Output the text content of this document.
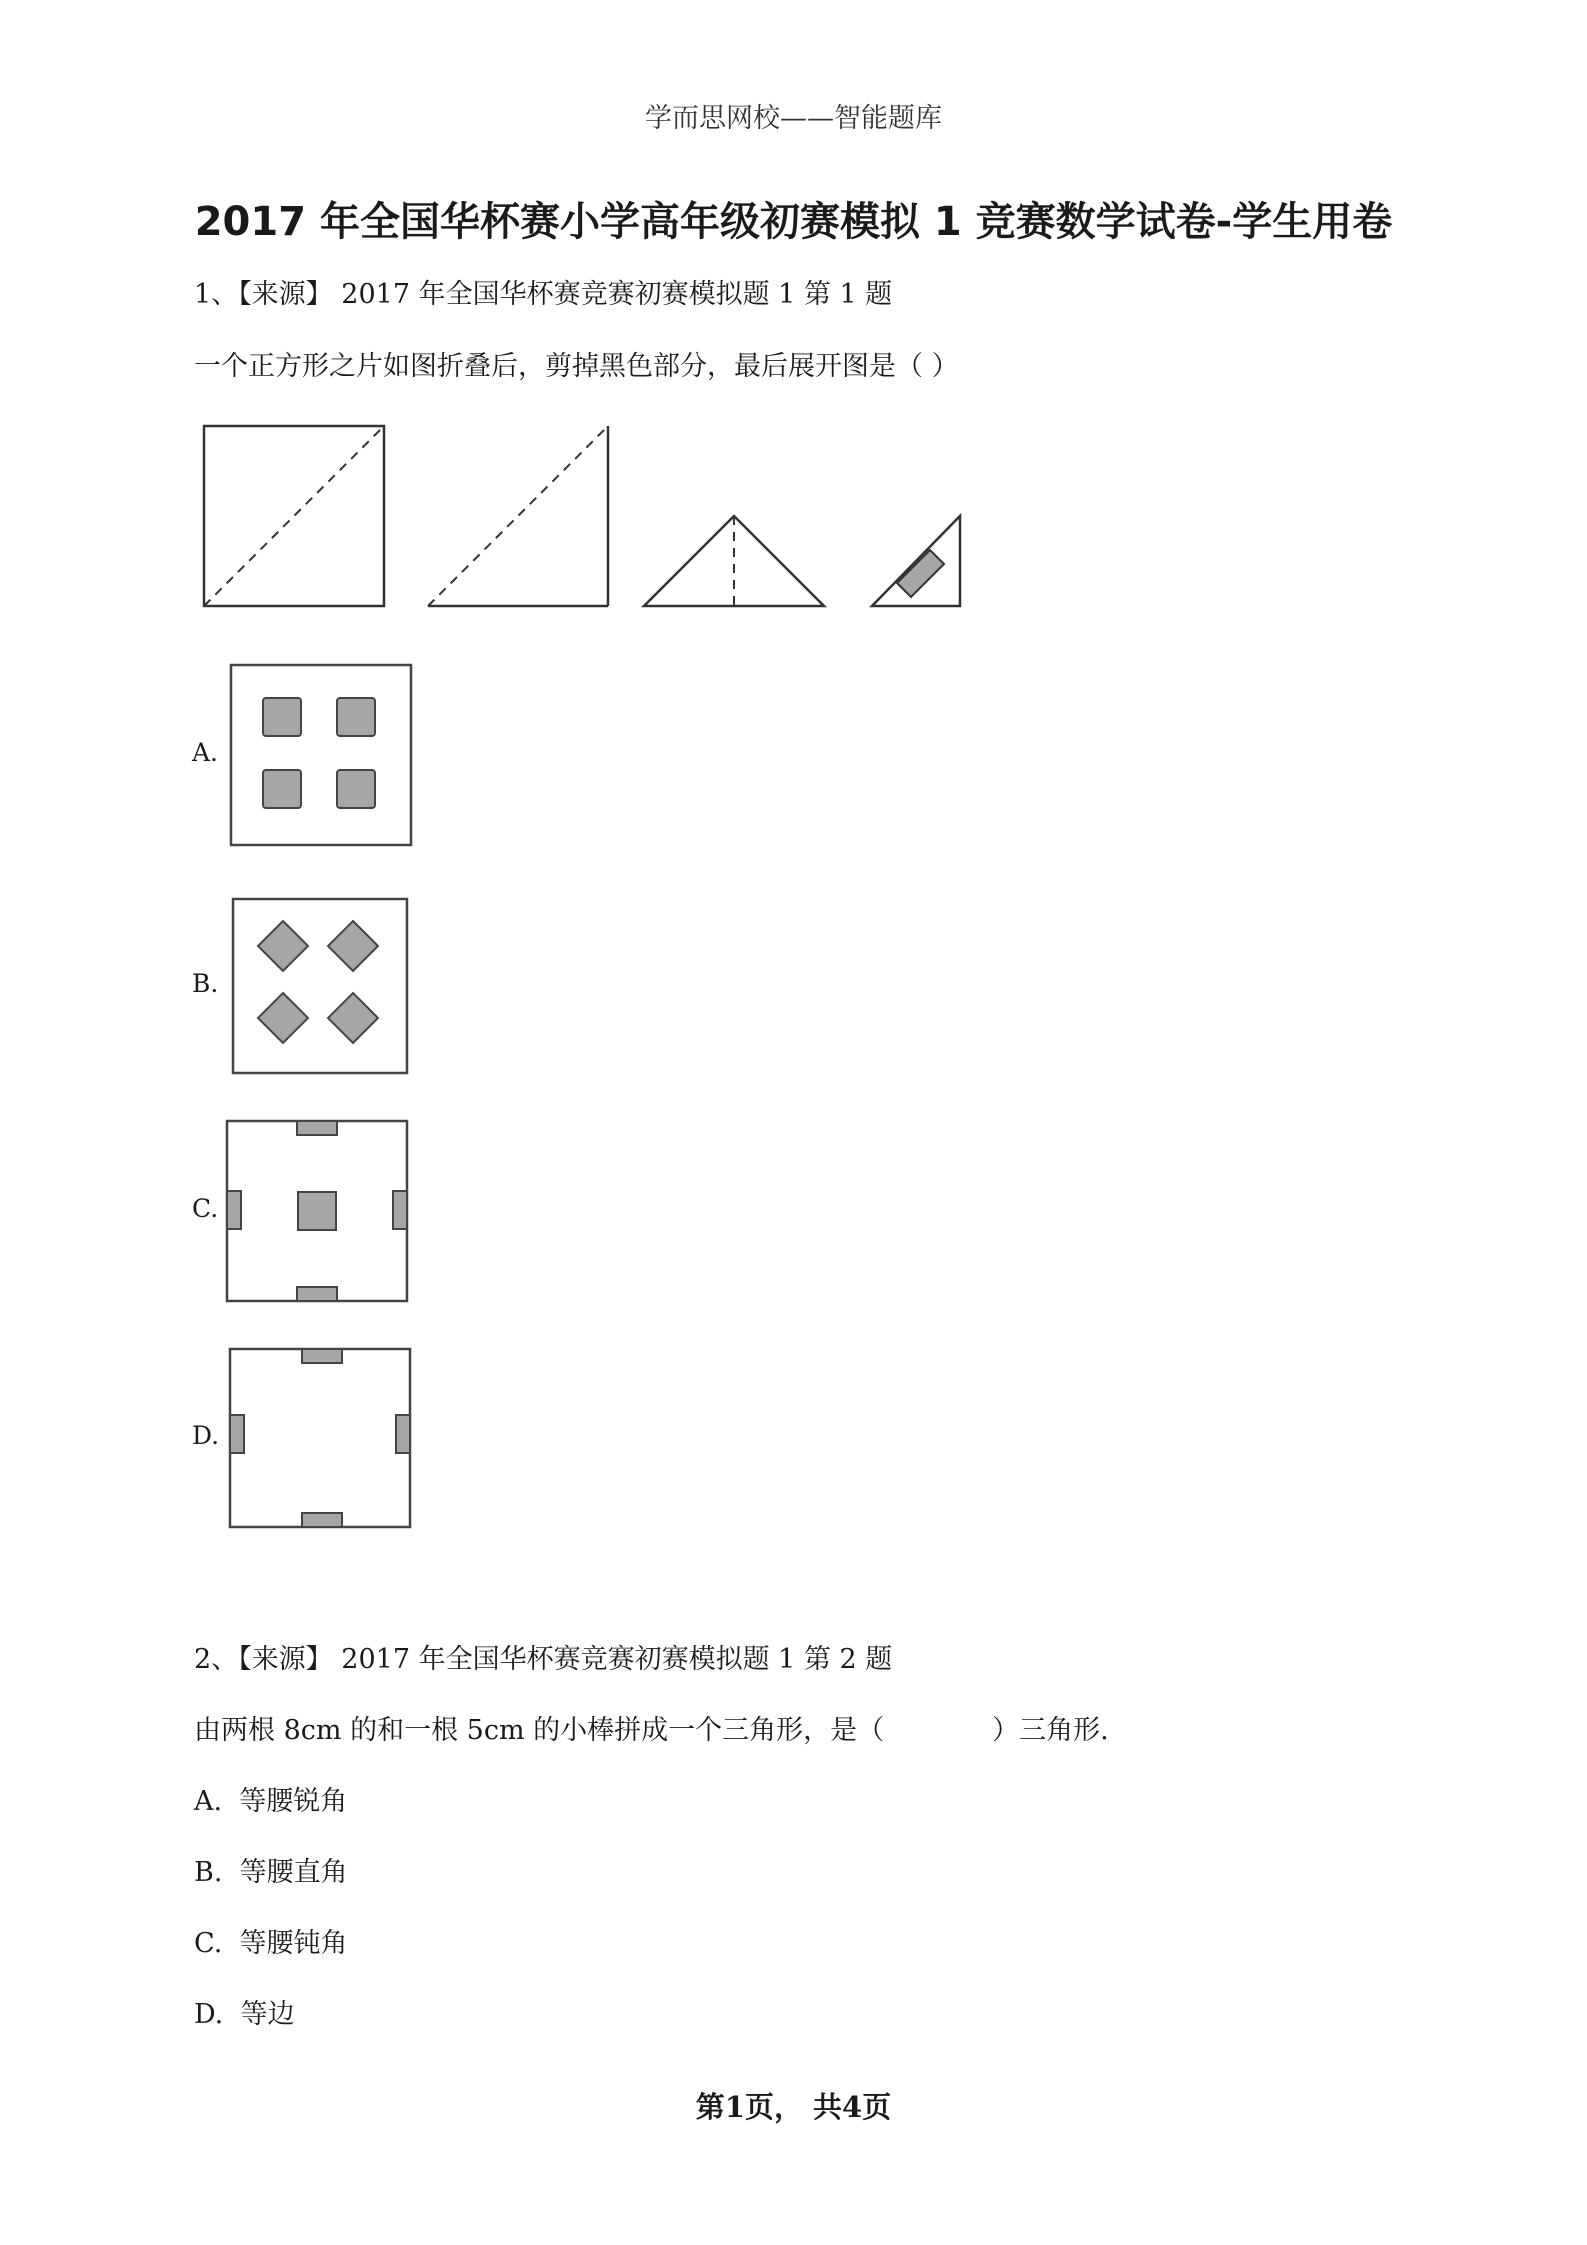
学而思网校——智能题库
2017 年全国华杯赛小学高年级初赛模拟 1 竞赛数学试卷-学生用卷
1、【来源】 2017 年全国华杯赛竞赛初赛模拟题 1 第 1 题
一个正方形之片如图折叠后，剪掉黑色部分，最后展开图是（ ）
A.
B.
C.
D.
2、【来源】 2017 年全国华杯赛竞赛初赛模拟题 1 第 2 题
由两根 8cm 的和一根 5cm 的小棒拼成一个三角形，是（	）三角形.
A. 等腰锐角
B. 等腰直角
C. 等腰钝角
D. 等边
第1页， 共4页
